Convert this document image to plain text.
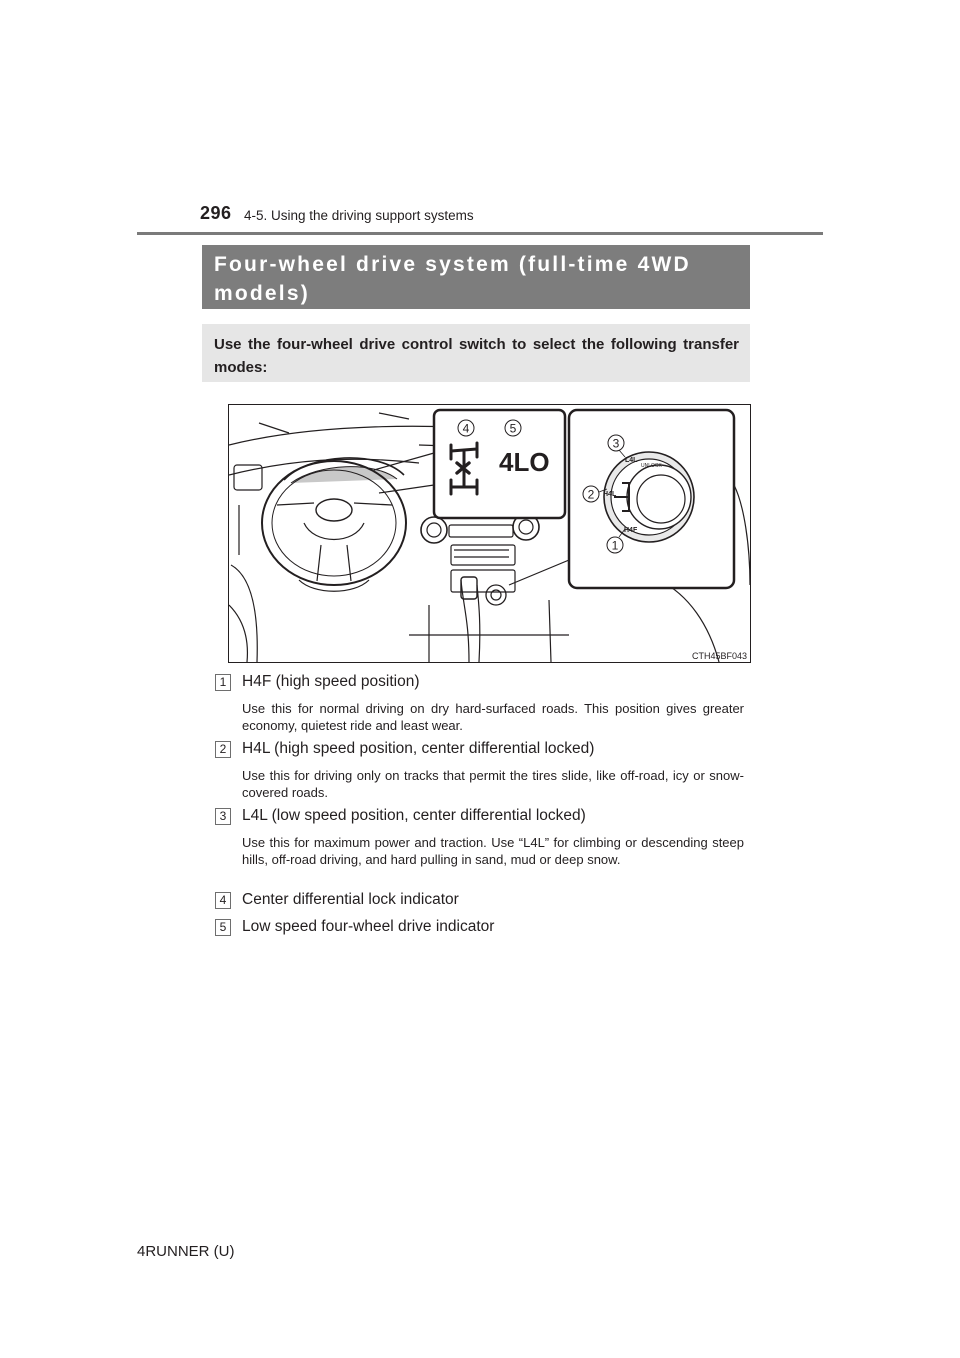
296 4-5. Using the driving support systems
Four-wheel drive system (full-time 4WD models)
Use the four-wheel drive control switch to select the following transfer modes:
4LO
4	5
L4L
UNLOCK
H4L
H4F
3
2
1
CTH45BF043
1	H4F (high speed position)
Use this for normal driving on dry hard-surfaced roads. This position gives greater economy, quietest ride and least wear.
2	H4L (high speed position, center differential locked)
Use this for driving only on tracks that permit the tires slide, like off-road, icy or snow-covered roads.
3	L4L (low speed position, center differential locked)
Use this for maximum power and traction. Use “L4L” for climbing or descending steep hills, off-road driving, and hard pulling in sand, mud or deep snow.
4	Center differential lock indicator
5	Low speed four-wheel drive indicator
4RUNNER (U)
